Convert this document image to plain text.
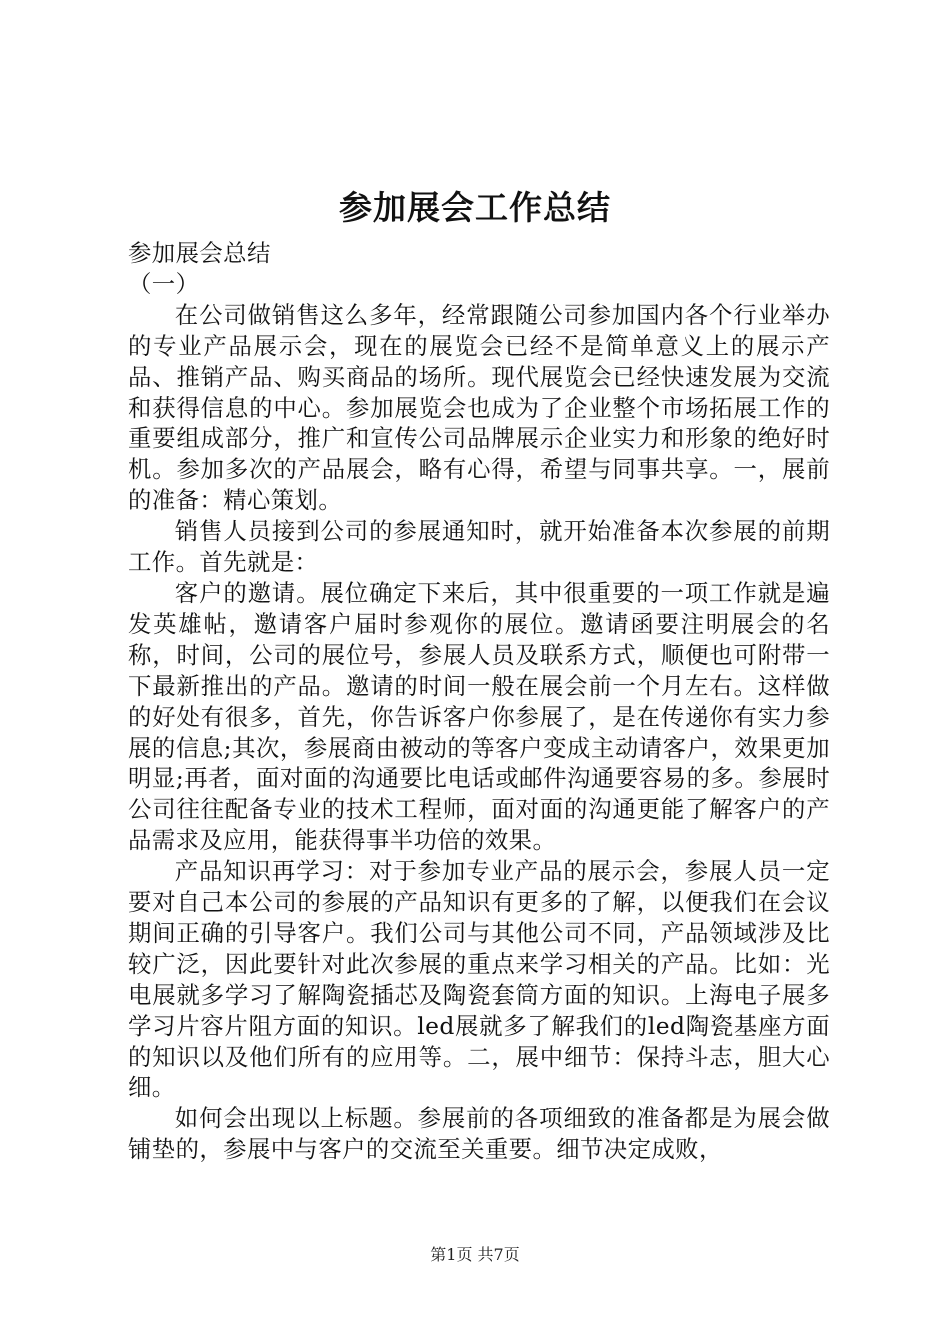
参加展会工作总结

参加展会总结

（一）

在公司做销售这么多年，经常跟随公司参加国内各个行业举办的专业产品展示会，现在的展览会已经不是简单意义上的展示产品、推销产品、购买商品的场所。现代展览会已经快速发展为交流和获得信息的中心。参加展览会也成为了企业整个市场拓展工作的重要组成部分，推广和宣传公司品牌展示企业实力和形象的绝好时机。参加多次的产品展会，略有心得，希望与同事共享。一，展前的准备：精心策划。

销售人员接到公司的参展通知时，就开始准备本次参展的前期工作。首先就是：

客户的邀请。展位确定下来后，其中很重要的一项工作就是遍发英雄帖，邀请客户届时参观你的展位。邀请函要注明展会的名称，时间，公司的展位号，参展人员及联系方式，顺便也可附带一下最新推出的产品。邀请的时间一般在展会前一个月左右。这样做的好处有很多，首先，你告诉客户你参展了，是在传递你有实力参展的信息;其次，参展商由被动的等客户变成主动请客户，效果更加明显;再者，面对面的沟通要比电话或邮件沟通要容易的多。参展时公司往往配备专业的技术工程师，面对面的沟通更能了解客户的产品需求及应用，能获得事半功倍的效果。

产品知识再学习：对于参加专业产品的展示会，参展人员一定要对自己本公司的参展的产品知识有更多的了解，以便我们在会议期间正确的引导客户。我们公司与其他公司不同，产品领域涉及比较广泛，因此要针对此次参展的重点来学习相关的产品。比如：光电展就多学习了解陶瓷插芯及陶瓷套筒方面的知识。上海电子展多学习片容片阻方面的知识。led展就多了解我们的led陶瓷基座方面的知识以及他们所有的应用等。二，展中细节：保持斗志，胆大心细。

如何会出现以上标题。参展前的各项细致的准备都是为展会做铺垫的，参展中与客户的交流至关重要。细节决定成败，

第1页 共7页
